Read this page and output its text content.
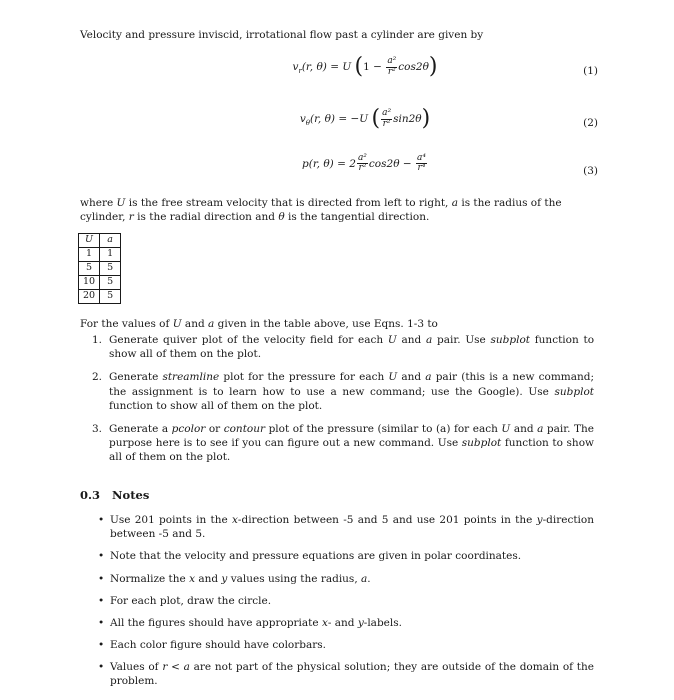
Velocity and pressure inviscid, irrotational flow past a cylinder are given by
$v_r(r$, θ) = U $(1 - \frac{\text{a²}}{\text{r²}} \cos 2\theta)$	(1)
$v_\theta(r$, θ) = −U ( $\frac{\text{a²}}{\text{r²}} \sin 2\theta$)	(2)
p(r, $\theta) = 2 \frac{\text{a²}}{\text{r²}} \cos 2\theta - \frac{\text{a⁴}}{\text{r⁴}}$	(3)
where U is the free stream velocity that is directed from left to right, a is the radius of the cylinder, r is the radial direction and θ is the tangential direction.
U	a
1	1
5	5
10	5
20	5
For the values of U and a given in the table above, use Eqns. 1-3 to
1. Generate quiver plot of the velocity field for each U and a pair. Use subplot function to show all of them on the plot.
2. Generate streamline plot for the pressure for each U and a pair (this is a new command; the assignment is to learn how to use a new command; use the Google). Use subplot function to show all of them on the plot.
3. Generate a pcolor or contour plot of the pressure (similar to (a) for each U and a pair. The purpose here is to see if you can figure out a new command. Use subplot function to show all of them on the plot.
0.3 Notes
• Use 201 points in the x-direction between -5 and 5 and use 201 points in the y-direction between -5 and 5.
• Note that the velocity and pressure equations are given in polar coordinates.
• Normalize the x and y values using the radius, a.
• For each plot, draw the circle.
• All the figures should have appropriate x- and y-labels.
• Each color figure should have colorbars.
• Values of r < a are not part of the physical solution; they are outside of the domain of the problem.
